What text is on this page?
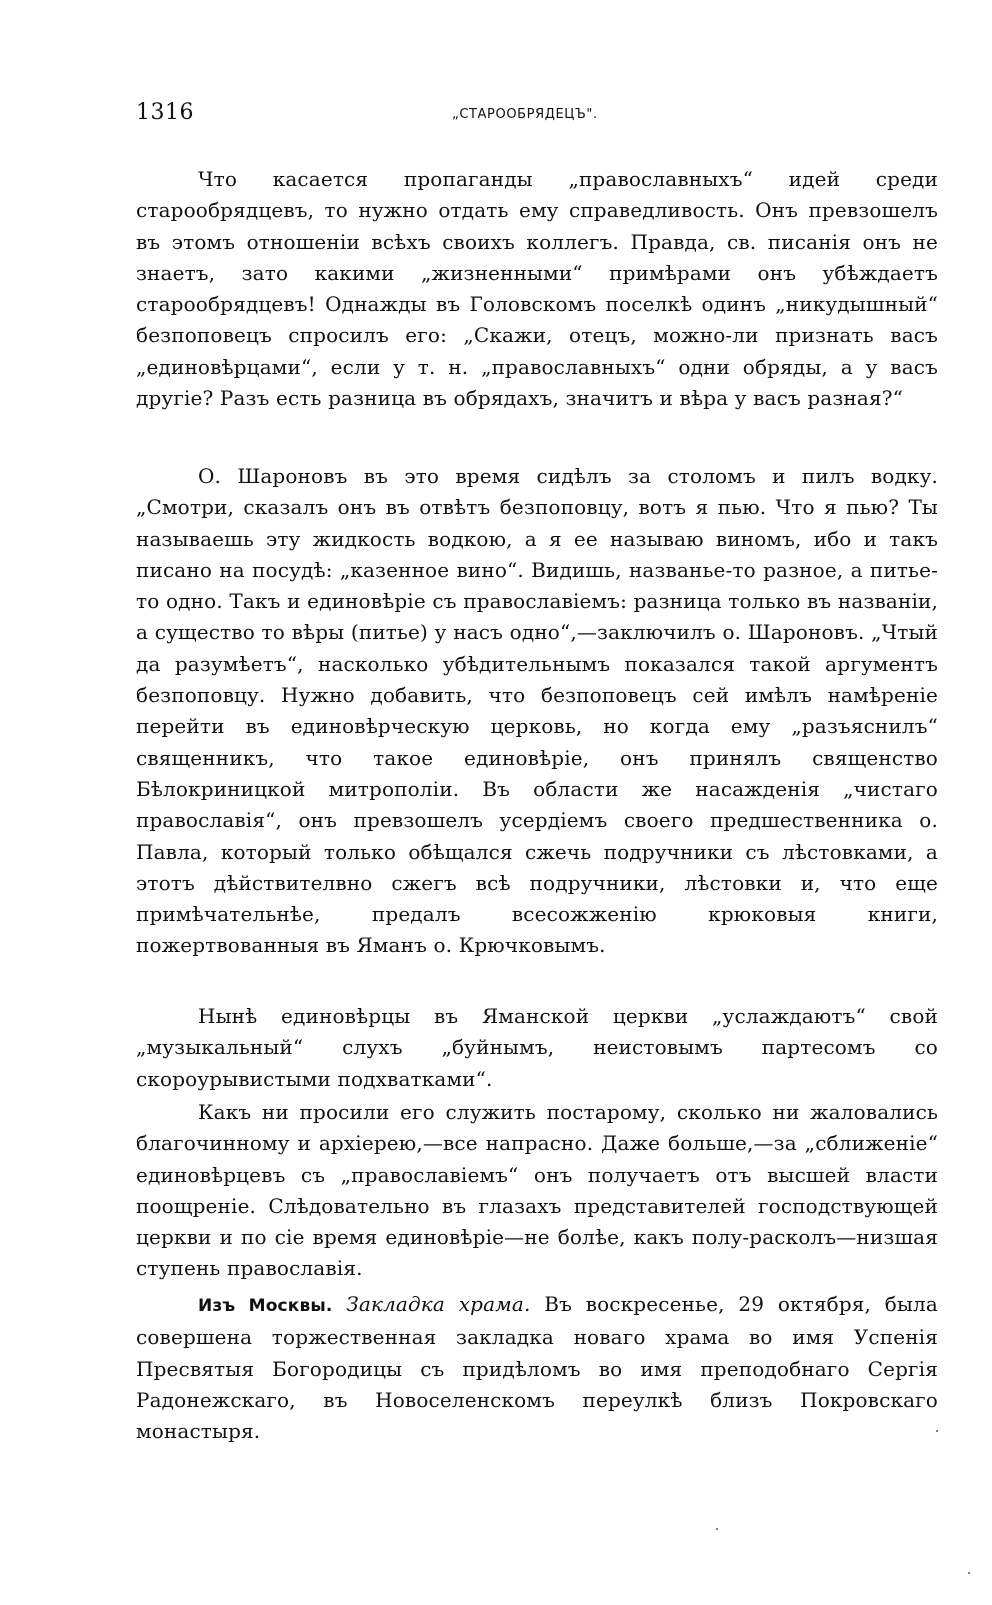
1316	„СТАРООБРЯДЕЦЪ".

Что касается пропаганды „православныхъ“ идей среди старообрядцевъ, то нужно отдать ему справедливость. Онъ превзошелъ въ этомъ отношеніи всѣхъ своихъ коллегъ. Правда, св. писанія онъ не знаетъ, зато какими „жизненными“ примѣрами онъ убѣждаетъ старообрядцевъ! Однажды въ Головскомъ поселкѣ одинъ „никудышный“ безпоповецъ спросилъ его: „Скажи, отецъ, можно-ли признать васъ „единовѣрцами“, если у т. н. „православныхъ“ одни обряды, а у васъ другіе? Разъ есть разница въ обрядахъ, значитъ и вѣра у васъ разная?“

О. Шароновъ въ это время сидѣлъ за столомъ и пилъ водку. „Смотри, сказалъ онъ въ отвѣтъ безпоповцу, вотъ я пью. Что я пью? Ты называешь эту жидкость водкою, а я ее называю виномъ, ибо и такъ писано на посудѣ: „казенное вино“. Видишь, названье-то разное, а питье-то одно. Такъ и единовѣріе съ православіемъ: разница только въ названіи, а существо то вѣры (питье) у насъ одно“,—заключилъ о. Шароновъ. „Чтый да разумѣетъ“, насколько убѣдительнымъ показался такой аргументъ безпоповцу. Нужно добавить, что безпоповецъ сей имѣлъ намѣреніе перейти въ единовѣрческую церковь, но когда ему „разъяснилъ“ священникъ, что такое единовѣріе, онъ принялъ священство Бѣлокриницкой митрополіи. Въ области же насажденія „чистаго православія“, онъ превзошелъ усердіемъ своего предшественника о. Павла, который только обѣщался сжечь подручники съ лѣстовками, а этотъ дѣйствителвно сжегъ всѣ подручники, лѣстовки и, что еще примѣчательнѣе, предалъ всесожженію крюковыя книги, пожертвованныя въ Яманъ о. Крючковымъ.

Нынѣ единовѣрцы въ Яманской церкви „услаждаютъ“ свой „музыкальный“ слухъ „буйнымъ, неистовымъ партесомъ со скороурывистыми подхватками“.

Какъ ни просили его служить постарому, сколько ни жаловались благочинному и архіерею,—все напрасно. Даже больше,—за „сближеніе“ единовѣрцевъ съ „православіемъ“ онъ получаетъ отъ высшей власти поощреніе. Слѣдовательно въ глазахъ представителей господствующей церкви и по сіе время единовѣріе—не болѣе, какъ полу-расколъ—низшая ступень православія.

Изъ Москвы. Закладка храма. Въ воскресенье, 29 октября, была совершена торжественная закладка новаго храма во имя Успенія Пресвятыя Богородицы съ придѣломъ во имя преподобнаго Сергія Радонежскаго, въ Новоселенскомъ переулкѣ близъ Покровскаго монастыря.
